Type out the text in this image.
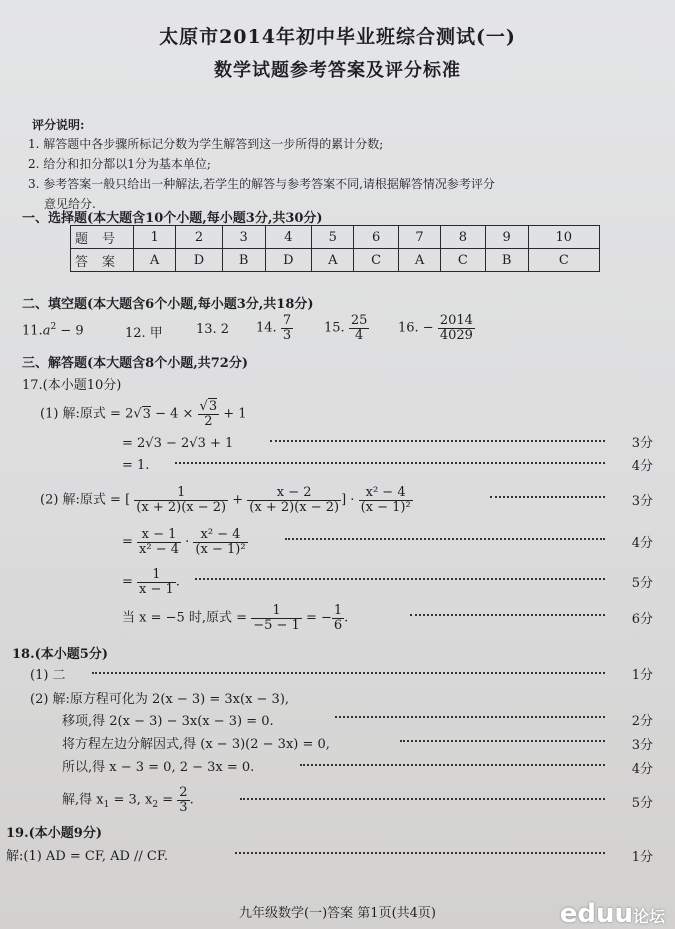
太原市2014年初中毕业班综合测试(一)
数学试题参考答案及评分标准
评分说明:
1. 解答题中各步骤所标记分数为学生解答到这一步所得的累计分数;
2. 给分和扣分都以1分为基本单位;
3. 参考答案一般只给出一种解法,若学生的解答与参考答案不同,请根据解答情况参考评分
意见给分.
一、选择题(本大题含10个小题,每小题3分,共30分)
题号	1	2	3	4	5	6	7	8	9	10
答案	A	D	B	D	A	C	A	C	B	C
二、填空题(本大题含6个小题,每小题3分,共18分)
$11.a^2 - 9$	12. 甲	13. 2 14. $\frac{7}{3} 15$. $\frac{25}{4} 16$. − $\frac{2014}{4029}$
三、解答题(本大题含8个小题,共72分)
17.(本小题10分)
(1) 解:原式 = $2√3 - 4 \times \frac{√3}{2} + 1$
= 2√3 − 2√3 + 1	3分
= 1.	4分
(2) 解:原式 = [ $\frac{1}{(x + 2)(x - 2)} + \frac{x - 2}{(x + 2)(x - 2)}$ ] · $\frac{\text{x² − 4}}{\text{(x − 1)²}}$	3分
= $\frac{x - 1}{\text{x² − 4}} \cdot \frac{\text{x² − 4}}{\text{(x − 1)²}}$	4分
= $\frac{1}{x - 1}$ .	5分
当 x = −5 时,原式 = $\frac{1}{-5 - 1}$ = − $\frac{1}{6}$ .	6分
18.(本小题5分)
(1) 二	1分
(2) 解:原方程可化为 2(x − 3) = 3x(x − 3),
移项,得 2(x − 3) − 3x(x − 3) = 0.	2分
将方程左边分解因式,得 (x − 3)(2 − 3x) = 0,	3分
所以,得 x − 3 = 0, 2 − 3x = 0.	4分
解,得 $x_1 = 3$, $x_2 = \frac{2}{3}$ .	5分
19.(本小题9分)
解:(1) AD = CF, AD // CF.	1分
九年级数学(一)答案 第1页(共4页)	eduu论坛
